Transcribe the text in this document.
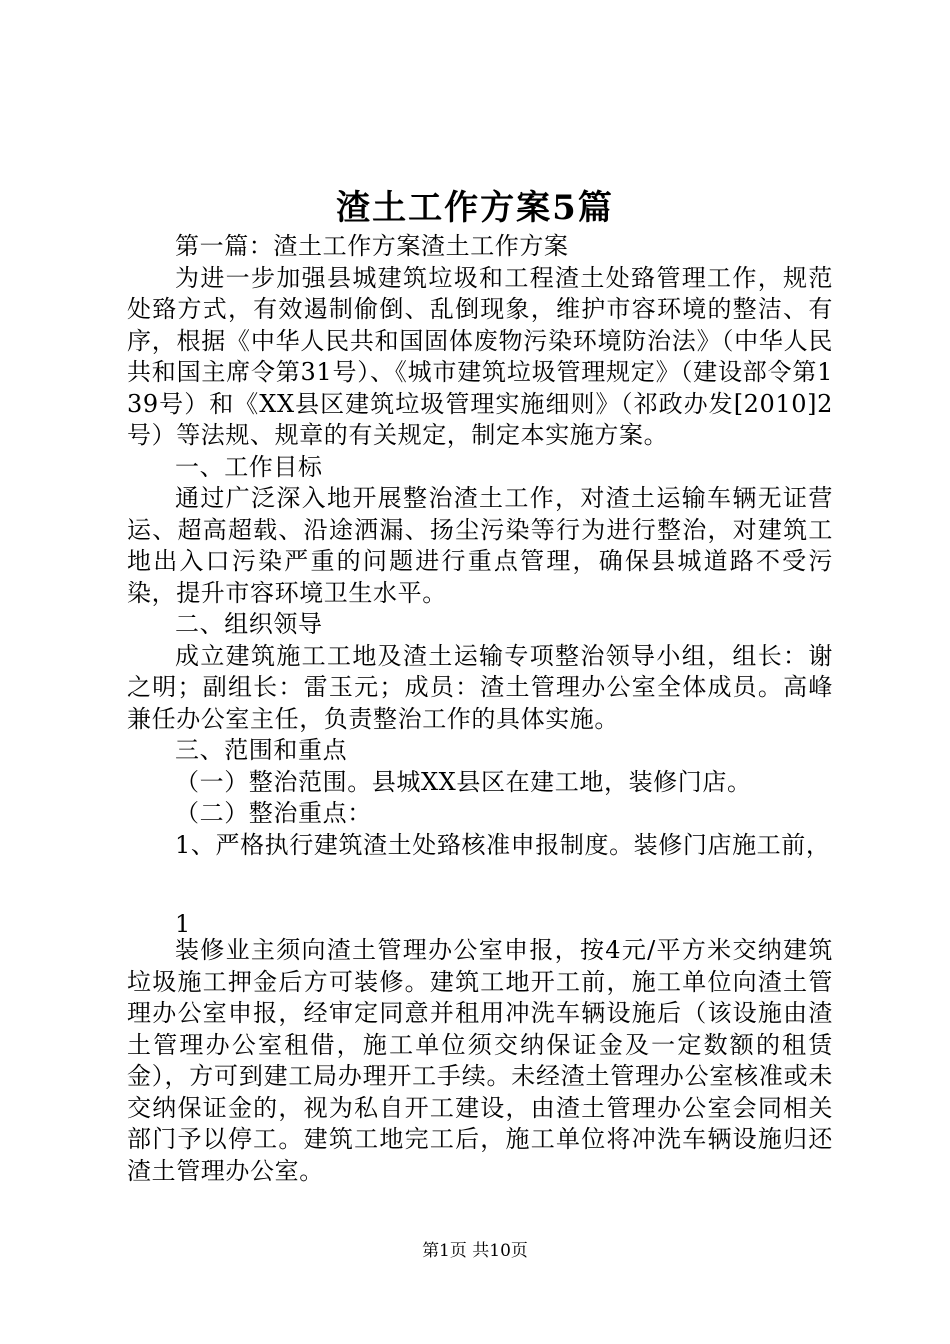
渣土工作方案5篇

第一篇：渣土工作方案渣土工作方案

为进一步加强县城建筑垃圾和工程渣土处臵管理工作，规范处臵方式，有效遏制偷倒、乱倒现象，维护市容环境的整洁、有序，根据《中华人民共和国固体废物污染环境防治法》（中华人民共和国主席令第31号）、《城市建筑垃圾管理规定》（建设部令第139号）和《XX县区建筑垃圾管理实施细则》（祁政办发[2010]2号）等法规、规章的有关规定，制定本实施方案。

一、工作目标

通过广泛深入地开展整治渣土工作，对渣土运输车辆无证营运、超高超载、沿途洒漏、扬尘污染等行为进行整治，对建筑工地出入口污染严重的问题进行重点管理，确保县城道路不受污染，提升市容环境卫生水平。

二、组织领导

成立建筑施工工地及渣土运输专项整治领导小组，组长：谢之明；副组长：雷玉元；成员：渣土管理办公室全体成员。高峰兼任办公室主任，负责整治工作的具体实施。

三、范围和重点

（一）整治范围。县城XX县区在建工地，装修门店。

（二）整治重点：

1、严格执行建筑渣土处臵核准申报制度。装修门店施工前，

1

装修业主须向渣土管理办公室申报，按4元/平方米交纳建筑垃圾施工押金后方可装修。建筑工地开工前，施工单位向渣土管理办公室申报，经审定同意并租用冲洗车辆设施后（该设施由渣土管理办公室租借，施工单位须交纳保证金及一定数额的租赁金），方可到建工局办理开工手续。未经渣土管理办公室核准或未交纳保证金的，视为私自开工建设，由渣土管理办公室会同相关部门予以停工。建筑工地完工后，施工单位将冲洗车辆设施归还渣土管理办公室。

第1页 共10页
